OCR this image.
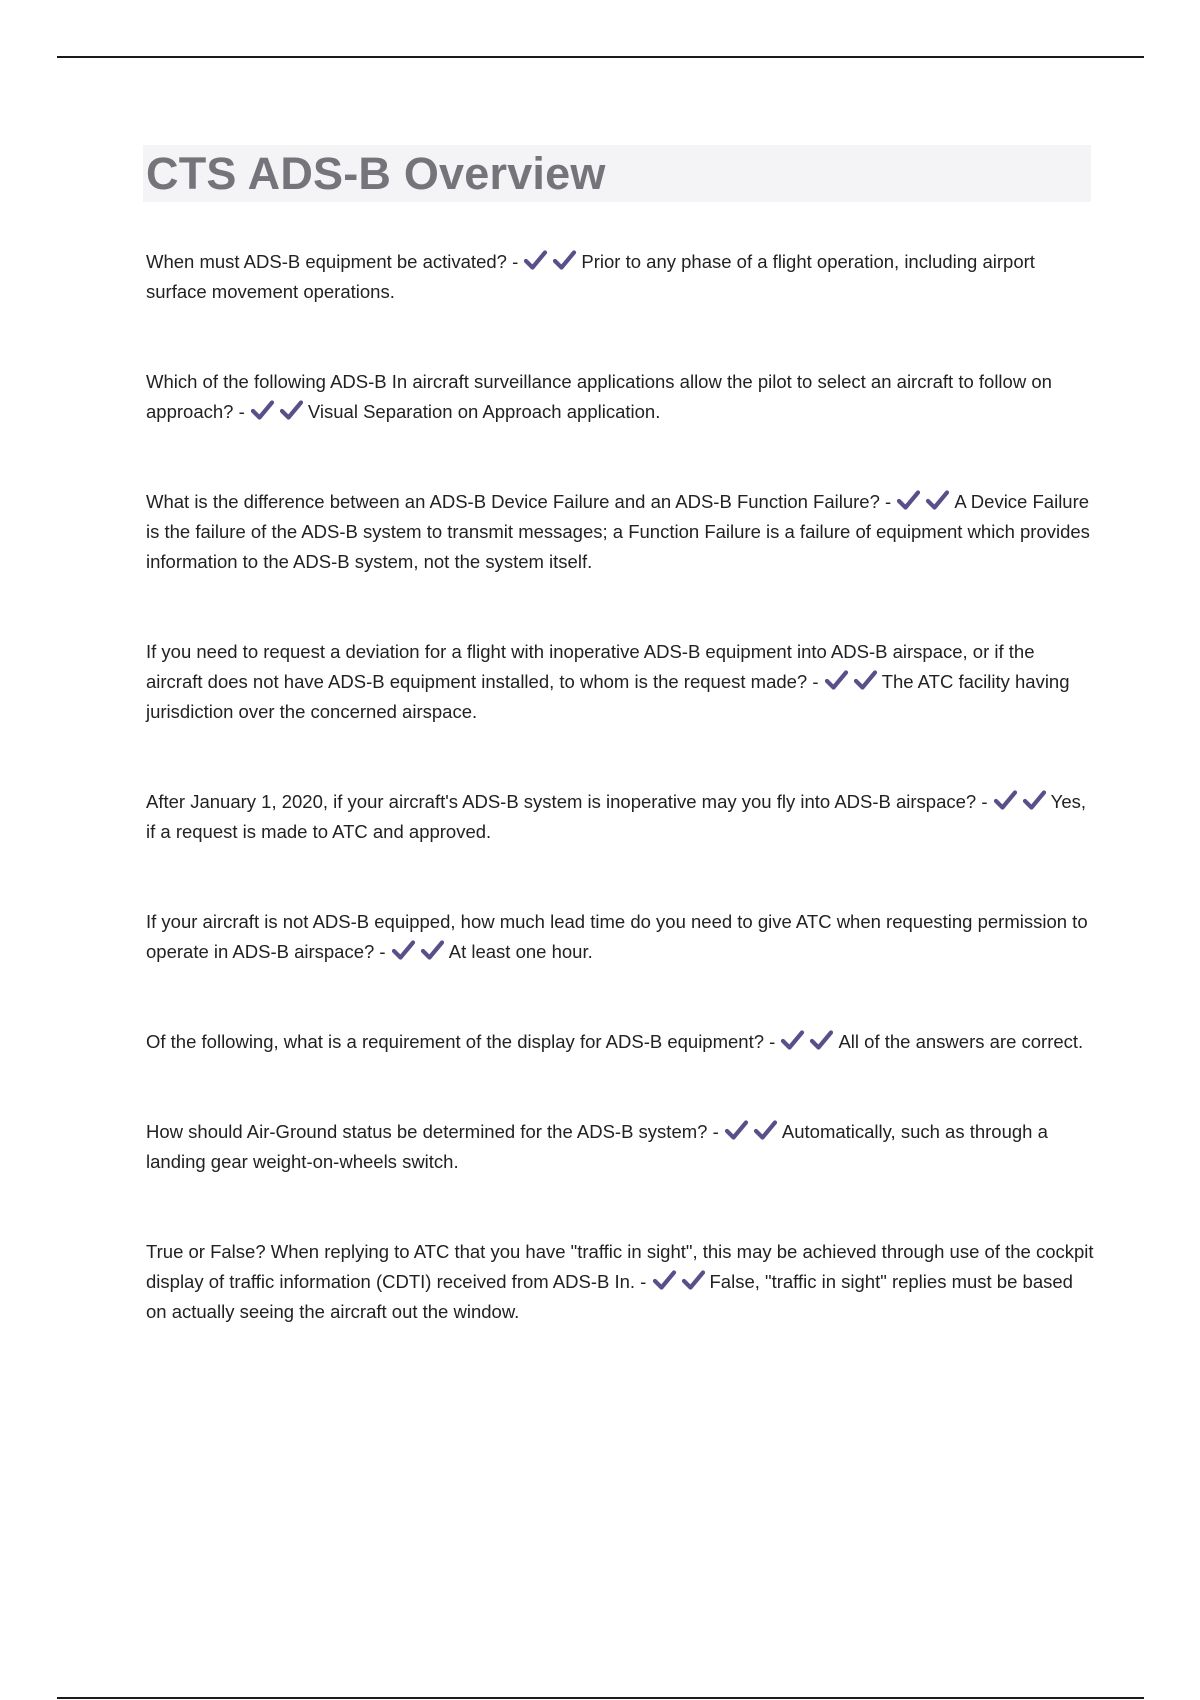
CTS ADS-B Overview
When must ADS-B equipment be activated? -	Prior to any phase of a flight operation, including airport surface movement operations.
Which of the following ADS-B In aircraft surveillance applications allow the pilot to select an aircraft to follow on approach? -	Visual Separation on Approach application.
What is the difference between an ADS-B Device Failure and an ADS-B Function Failure? -	A Device Failure is the failure of the ADS-B system to transmit messages; a Function Failure is a failure of equipment which provides information to the ADS-B system, not the system itself.
If you need to request a deviation for a flight with inoperative ADS-B equipment into ADS-B airspace, or if the aircraft does not have ADS-B equipment installed, to whom is the request made? -	The ATC facility having jurisdiction over the concerned airspace.
After January 1, 2020, if your aircraft's ADS-B system is inoperative may you fly into ADS-B airspace? -	Yes, if a request is made to ATC and approved.
If your aircraft is not ADS-B equipped, how much lead time do you need to give ATC when requesting permission to operate in ADS-B airspace? -	At least one hour.
Of the following, what is a requirement of the display for ADS-B equipment? -	All of the answers are correct.
How should Air-Ground status be determined for the ADS-B system? -	Automatically, such as through a landing gear weight-on-wheels switch.
True or False? When replying to ATC that you have "traffic in sight", this may be achieved through use of the cockpit display of traffic information (CDTI) received from ADS-B In. -	False, "traffic in sight" replies must be based on actually seeing the aircraft out the window.
